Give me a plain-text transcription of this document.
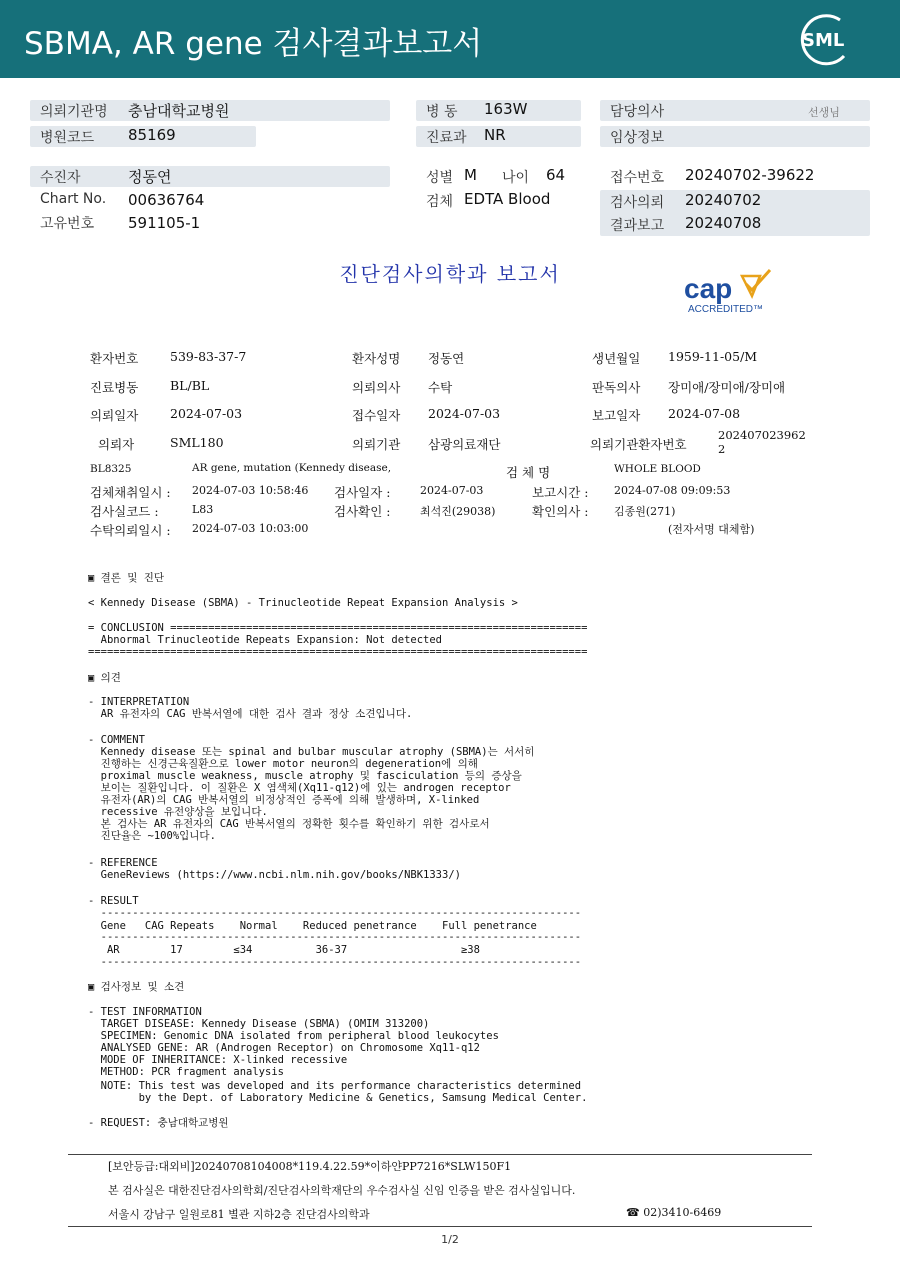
SBMA, AR gene 검사결과보고서	SML
의뢰기관명 충남대학교병원
병원코드 85169
병 동 163W
진료과 NR
담당의사	선생님
임상정보
수진자	정동연
Chart No. 00636764
고유번호 591105-1
성별 M 나이 64
검체 EDTA Blood
접수번호 20240702-39622
검사의뢰 20240702
결과보고 20240708
진단검사의학과 보고서	cap
ACCREDITED™
환자번호	539-83-37-7	환자성명 정동연	생년월일 1959-11-05/M
진료병동	BL/BL	의뢰의사 수탁	판독의사 장미애/장미애/장미애
의뢰일자	2024-07-03	접수일자 2024-07-03	보고일자 2024-07-08
의뢰자	SML180	의뢰기관 삼광의료재단	의뢰기관환자번호
202407023962
2
BL8325	AR gene, mutation (Kennedy disease,	검 체 명	WHOLE BLOOD
검체채취일시 : 2024-07-03 10:58:46 검사일자 :	2024-07-03	보고시간 : 2024-07-08 09:09:53
검사실코드 :	L83	검사확인 :	최석진(29038)	확인의사 : 김종원(271)
수탁의뢰일시 : 2024-07-03 10:03:00	(전자서명 대체함)
▣ 결론 및 진단
< Kennedy Disease (SBMA) - Trinucleotide Repeat Expansion Analysis >
= CONCLUSION ==================================================================
Abnormal Trinucleotide Repeats Expansion: Not detected
===============================================================================
▣ 의견
- INTERPRETATION
AR 유전자의 CAG 반복서열에 대한 검사 결과 정상 소견입니다.
- COMMENT
Kennedy disease 또는 spinal and bulbar muscular atrophy (SBMA)는 서서히
진행하는 신경근육질환으로 lower motor neuron의 degeneration에 의해
proximal muscle weakness, muscle atrophy 및 fasciculation 등의 증상을
보이는 질환입니다. 이 질환은 X 염색체(Xq11-q12)에 있는 androgen receptor
유전자(AR)의 CAG 반복서열의 비정상적인 증폭에 의해 발생하며, X-linked
recessive 유전양상을 보입니다.
본 검사는 AR 유전자의 CAG 반복서열의 정확한 횟수를 확인하기 위한 검사로서
진단율은 ~100%입니다.
- REFERENCE
GeneReviews (https://www.ncbi.nlm.nih.gov/books/NBK1333/)
- RESULT
----------------------------------------------------------------------------
Gene   CAG Repeats    Normal    Reduced penetrance    Full penetrance
----------------------------------------------------------------------------
AR        17        ≤34          36-37                  ≥38
----------------------------------------------------------------------------
▣ 검사정보 및 소견
- TEST INFORMATION
TARGET DISEASE: Kennedy Disease (SBMA) (OMIM 313200)
SPECIMEN: Genomic DNA isolated from peripheral blood leukocytes
ANALYSED GENE: AR (Androgen Receptor) on Chromosome Xq11-q12
MODE OF INHERITANCE: X-linked recessive
METHOD: PCR fragment analysis
NOTE: This test was developed and its performance characteristics determined
by the Dept. of Laboratory Medicine & Genetics, Samsung Medical Center.
- REQUEST: 충남대학교병원
[보안등급:대외비]20240708104008*119.4.22.59*이하얀PP7216*SLW150F1
본 검사실은 대한진단검사의학회/진단검사의학재단의 우수검사실 신임 인증을 받은 검사실입니다.
서울시 강남구 일원로81 별관 지하2층 진단검사의학과	☎ 02)3410-6469
1/2
